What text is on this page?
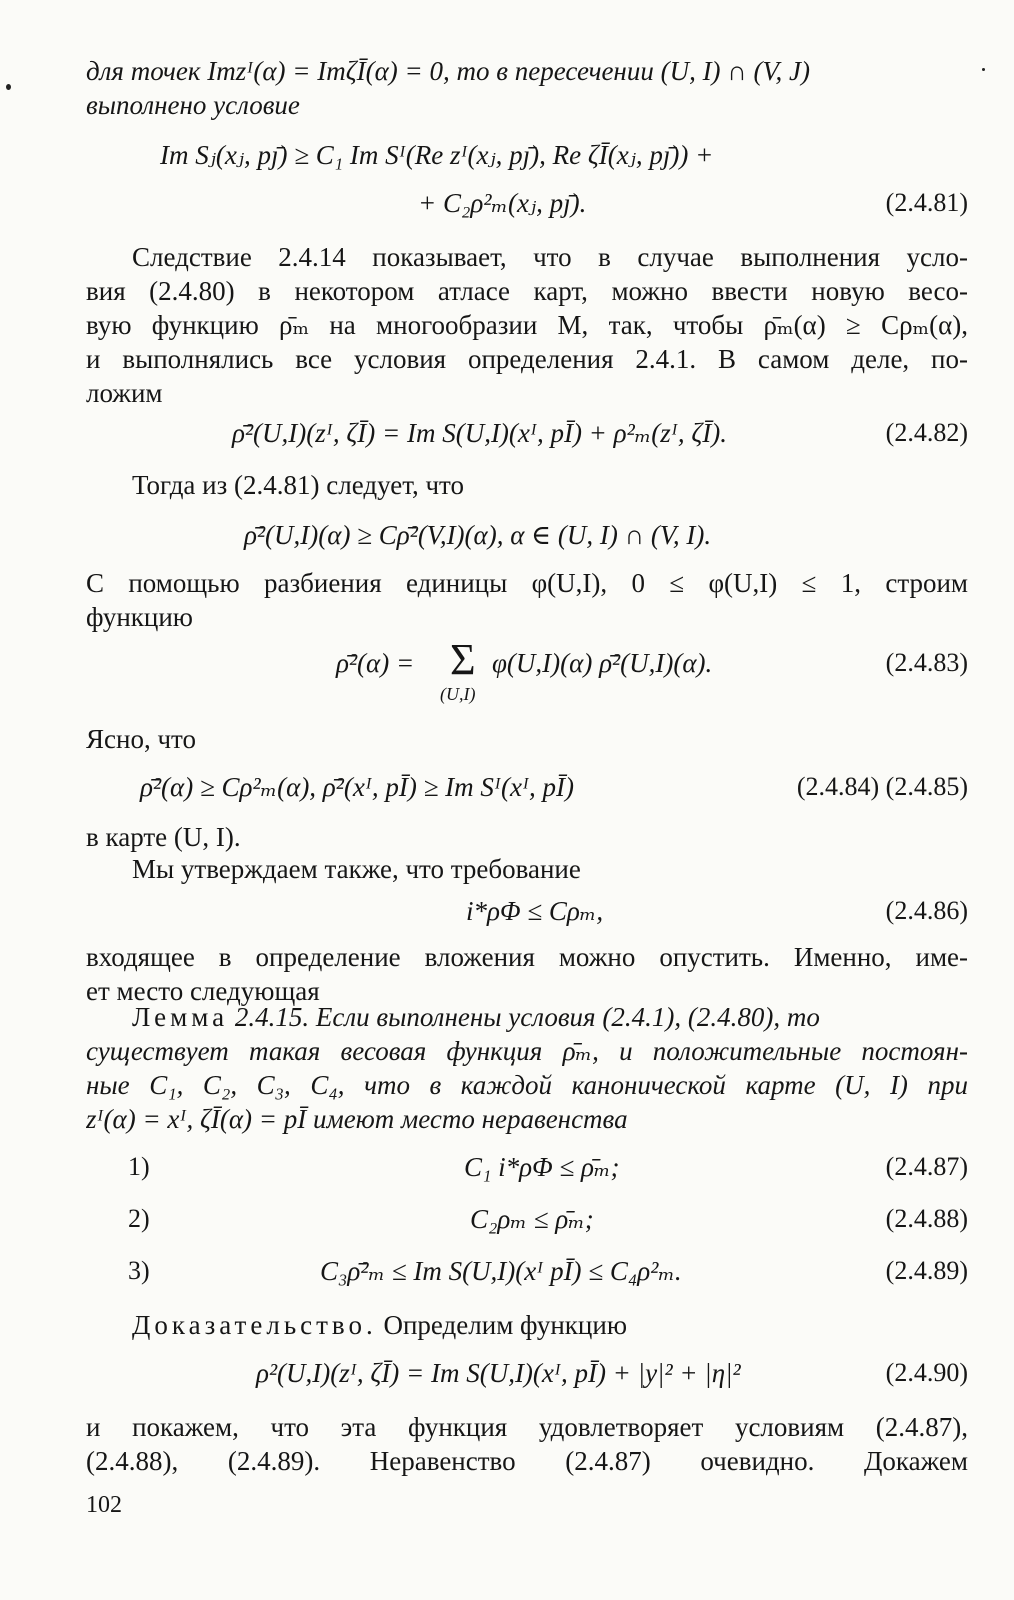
для точек Imzᴵ(α) = ImζĪ(α) = 0, то в пересечении (U, I) ∩ (V, J)
выполнено условие
Im Sⱼ(xⱼ, pȷ̄) ≥ C₁ Im Sᴵ(Re zᴵ(xⱼ, pȷ̄), Re ζĪ(xⱼ, pȷ̄)) +
+ C₂ρ²ₘ(xⱼ, pȷ̄).	(2.4.81)
Следствие 2.4.14 показывает, что в случае выполнения усло-
вия (2.4.80) в некотором атласе карт, можно ввести новую весо-
вую функцию ρ̄ₘ на многообразии M, так, чтобы ρ̄ₘ(α) ≥ Cρₘ(α),
и выполнялись все условия определения 2.4.1. В самом деле, по-
ложим
ρ̄²(U,I)(zᴵ, ζĪ) = Im S(U,I)(xᴵ, pĪ) + ρ²ₘ(zᴵ, ζĪ).	(2.4.82)
Тогда из (2.4.81) следует, что
ρ̄²(U,I)(α) ≥ Cρ̄²(V,I)(α), α ∈ (U, I) ∩ (V, I).
С помощью разбиения единицы φ(U,I), 0 ≤ φ(U,I) ≤ 1, строим
функцию
ρ̄²(α) = Σ
(U,I)
φ(U,I)(α) ρ̄²(U,I)(α).	(2.4.83)
Ясно, что
ρ̄²(α) ≥ Cρ²ₘ(α), ρ̄²(xᴵ, pĪ) ≥ Im Sᴵ(xᴵ, pĪ)	(2.4.84) (2.4.85)
в карте (U, I).
Мы утверждаем также, что требование
i*ρΦ ≤ Cρₘ,	(2.4.86)
входящее в определение вложения можно опустить. Именно, име-
ет место следующая
Лемма 2.4.15. Если выполнены условия (2.4.1), (2.4.80), то
существует такая весовая функция ρ̄ₘ, и положительные постоян-
ные C₁, C₂, C₃, C₄, что в каждой канонической карте (U, I) при
zᴵ(α) = xᴵ, ζĪ(α) = pĪ имеют место неравенства
1)	C₁ i*ρΦ ≤ ρ̄ₘ;	(2.4.87)
2)	C₂ρₘ ≤ ρ̄ₘ;	(2.4.88)
3)	C₃ρ̄²ₘ ≤ Im S(U,I)(xᴵ pĪ) ≤ C₄ρ²ₘ.	(2.4.89)
Доказательство. Определим функцию
ρ²(U,I)(zᴵ, ζĪ) = Im S(U,I)(xᴵ, pĪ) + |y|² + |η|²	(2.4.90)
и покажем, что эта функция удовлетворяет условиям (2.4.87),
(2.4.88), (2.4.89). Неравенство (2.4.87) очевидно. Докажем
102
